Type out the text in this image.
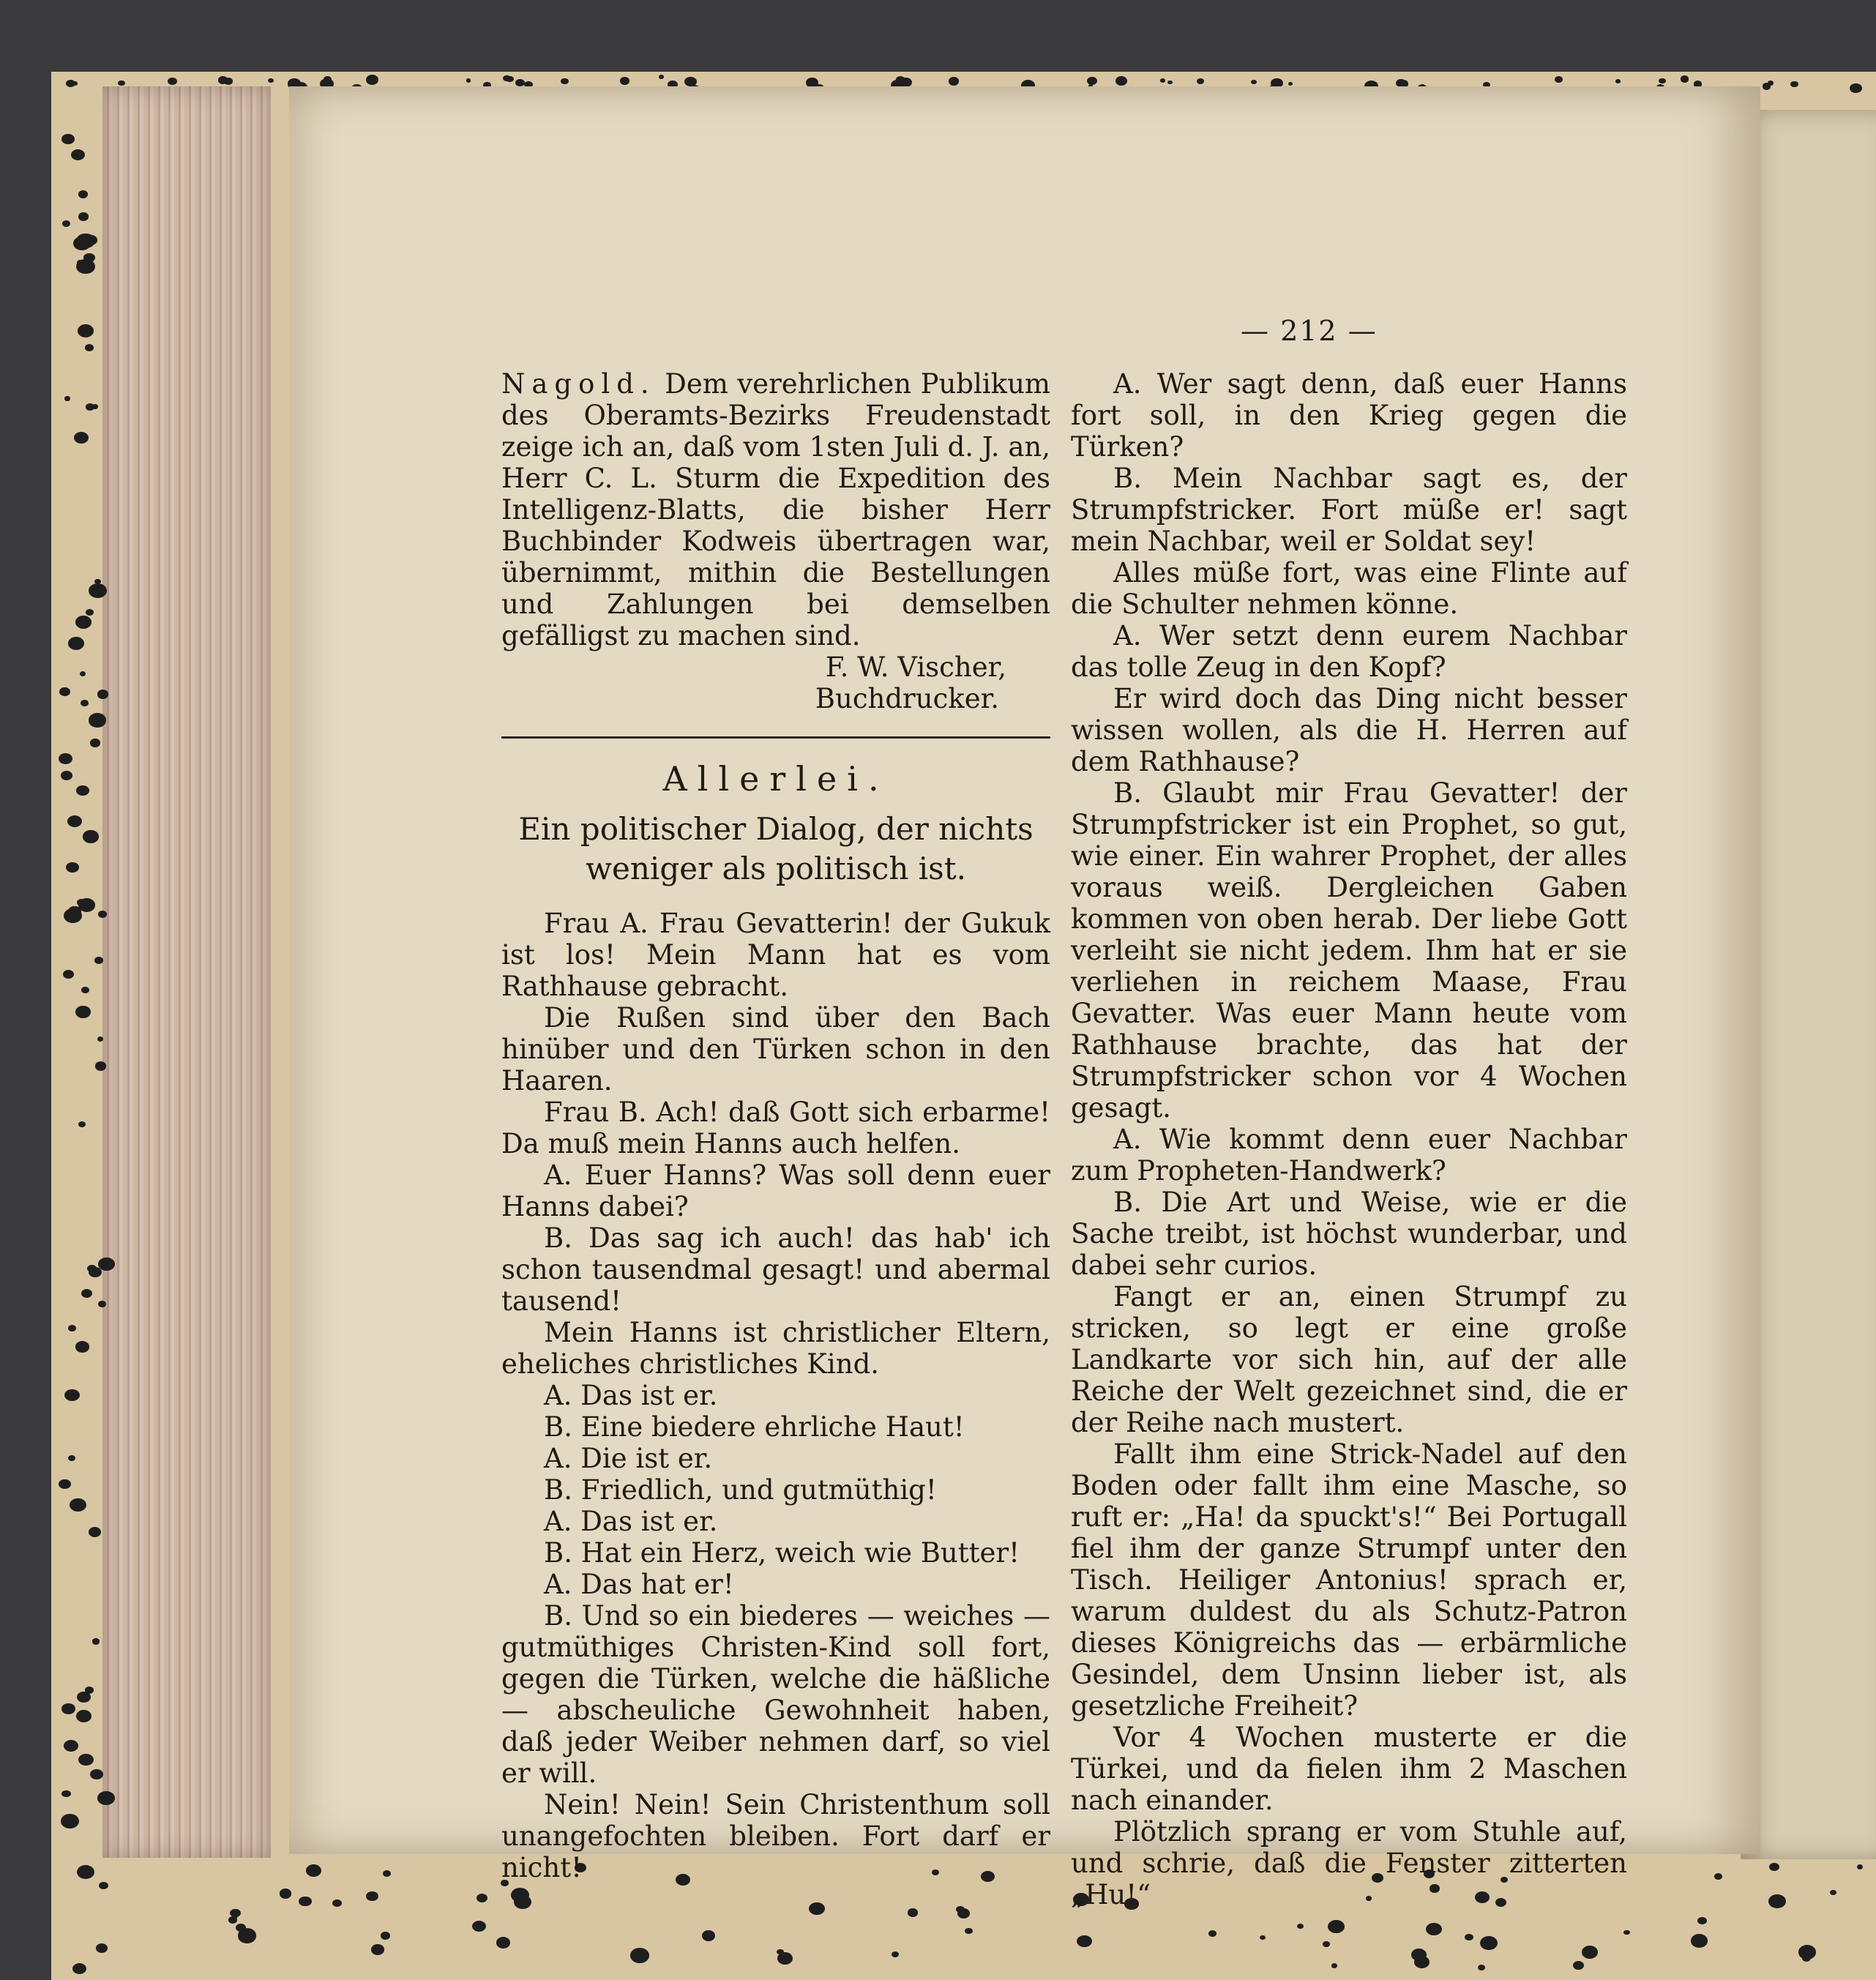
— 212 —

Nagold. Dem verehrlichen Publikum des Oberamts-Bezirks Freudenstadt zeige ich an, daß vom 1sten Juli d. J. an, Herr C. L. Sturm die Expedition des Intelligenz-Blatts, die bisher Herr Buchbinder Kodweis übertragen war, übernimmt, mithin die Bestellungen und Zahlungen bei demselben gefälligst zu machen sind.

F. W. Vischer,

Buchdrucker.

Allerlei.
Ein politischer Dialog, der nichts weniger als politisch ist.

Frau A. Frau Gevatterin! der Gukuk ist los! Mein Mann hat es vom Rathhause gebracht.

Die Rußen sind über den Bach hinüber und den Türken schon in den Haaren.

Frau B. Ach! daß Gott sich erbarme! Da muß mein Hanns auch helfen.

A. Euer Hanns? Was soll denn euer Hanns dabei?

B. Das sag ich auch! das hab' ich schon tausendmal gesagt! und abermal tausend!

Mein Hanns ist christlicher Eltern, eheliches christliches Kind.

A. Das ist er.

B. Eine biedere ehrliche Haut!

A. Die ist er.

B. Friedlich, und gutmüthig!

A. Das ist er.

B. Hat ein Herz, weich wie Butter!

A. Das hat er!

B. Und so ein biederes — weiches — gutmüthiges Christen-Kind soll fort, gegen die Türken, welche die häßliche — abscheuliche Gewohnheit haben, daß jeder Weiber nehmen darf, so viel er will.

Nein! Nein! Sein Christenthum soll unangefochten bleiben. Fort darf er nicht!

A. Wer sagt denn, daß euer Hanns fort soll, in den Krieg gegen die Türken?

B. Mein Nachbar sagt es, der Strumpfstricker. Fort müße er! sagt mein Nachbar, weil er Soldat sey!

Alles müße fort, was eine Flinte auf die Schulter nehmen könne.

A. Wer setzt denn eurem Nachbar das tolle Zeug in den Kopf?

Er wird doch das Ding nicht besser wissen wollen, als die H. Herren auf dem Rathhause?

B. Glaubt mir Frau Gevatter! der Strumpfstricker ist ein Prophet, so gut, wie einer. Ein wahrer Prophet, der alles voraus weiß. Dergleichen Gaben kommen von oben herab. Der liebe Gott verleiht sie nicht jedem. Ihm hat er sie verliehen in reichem Maase, Frau Gevatter. Was euer Mann heute vom Rathhause brachte, das hat der Strumpfstricker schon vor 4 Wochen gesagt.

A. Wie kommt denn euer Nachbar zum Propheten-Handwerk?

B. Die Art und Weise, wie er die Sache treibt, ist höchst wunderbar, und dabei sehr curios.

Fangt er an, einen Strumpf zu stricken, so legt er eine große Landkarte vor sich hin, auf der alle Reiche der Welt gezeichnet sind, die er der Reihe nach mustert.

Fallt ihm eine Strick-Nadel auf den Boden oder fallt ihm eine Masche, so ruft er: „Ha! da spuckt's!“ Bei Portugall fiel ihm der ganze Strumpf unter den Tisch. Heiliger Antonius! sprach er, warum duldest du als Schutz-Patron dieses Königreichs das — erbärmliche Gesindel, dem Unsinn lieber ist, als gesetzliche Freiheit?

Vor 4 Wochen musterte er die Türkei, und da fielen ihm 2 Maschen nach einander.

Plötzlich sprang er vom Stuhle auf, und schrie, daß die Fenster zitterten „Hu!“
